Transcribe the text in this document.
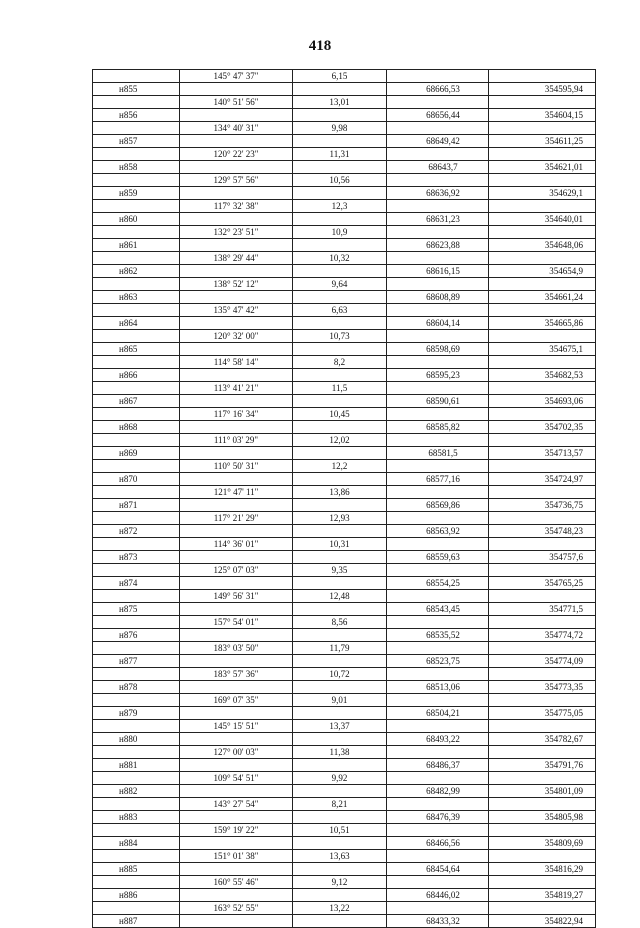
418
	145° 47' 37"	6,15		
н855			68666,53	354595,94
	140° 51' 56"	13,01		
н856			68656,44	354604,15
	134° 40' 31"	9,98		
н857			68649,42	354611,25
	120° 22' 23"	11,31		
н858			68643,7	354621,01
	129° 57' 56"	10,56		
н859			68636,92	354629,1
	117° 32' 38"	12,3		
н860			68631,23	354640,01
	132° 23' 51"	10,9		
н861			68623,88	354648,06
	138° 29' 44"	10,32		
н862			68616,15	354654,9
	138° 52' 12"	9,64		
н863			68608,89	354661,24
	135° 47' 42"	6,63		
н864			68604,14	354665,86
	120° 32' 00"	10,73		
н865			68598,69	354675,1
	114° 58' 14"	8,2		
н866			68595,23	354682,53
	113° 41' 21"	11,5		
н867			68590,61	354693,06
	117° 16' 34"	10,45		
н868			68585,82	354702,35
	111° 03' 29"	12,02		
н869			68581,5	354713,57
	110° 50' 31"	12,2		
н870			68577,16	354724,97
	121° 47' 11"	13,86		
н871			68569,86	354736,75
	117° 21' 29"	12,93		
н872			68563,92	354748,23
	114° 36' 01"	10,31		
н873			68559,63	354757,6
	125° 07' 03"	9,35		
н874			68554,25	354765,25
	149° 56' 31"	12,48		
н875			68543,45	354771,5
	157° 54' 01"	8,56		
н876			68535,52	354774,72
	183° 03' 50"	11,79		
н877			68523,75	354774,09
	183° 57' 36"	10,72		
н878			68513,06	354773,35
	169° 07' 35"	9,01		
н879			68504,21	354775,05
	145° 15' 51"	13,37		
н880			68493,22	354782,67
	127° 00' 03"	11,38		
н881			68486,37	354791,76
	109° 54' 51"	9,92		
н882			68482,99	354801,09
	143° 27' 54"	8,21		
н883			68476,39	354805,98
	159° 19' 22"	10,51		
н884			68466,56	354809,69
	151° 01' 38"	13,63		
н885			68454,64	354816,29
	160° 55' 46"	9,12		
н886			68446,02	354819,27
	163° 52' 55"	13,22		
н887			68433,32	354822,94
